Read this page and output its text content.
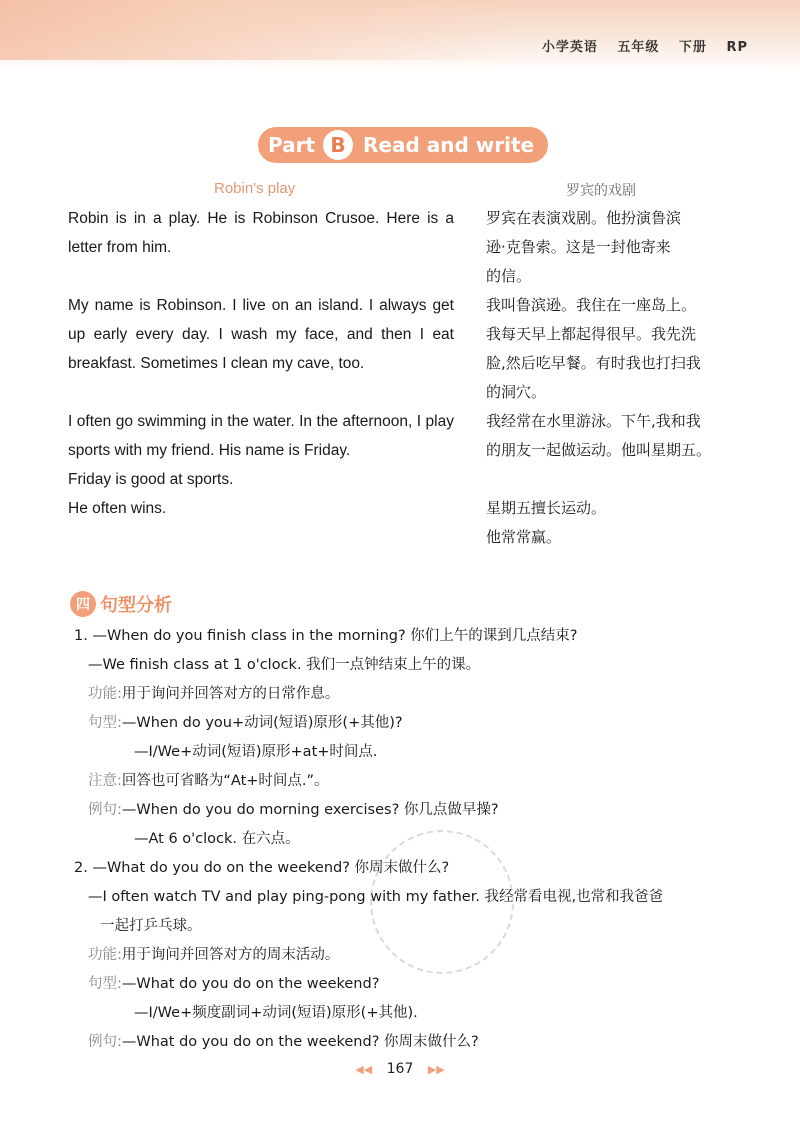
小学英语 五年级 下册 RP
Part B Read and write
Robin's play	罗宾的戏剧

Robin is in a play. He is Robinson Crusoe. Here is a letter from him.

My name is Robinson. I live on an island. I always get up early every day. I wash my face, and then I eat breakfast. Sometimes I clean my cave, too.

I often go swimming in the water. In the afternoon, I play sports with my friend. His name is Friday.

Friday is good at sports.

He often wins.

罗宾在表演戏剧。他扮演鲁滨

逊·克鲁索。这是一封他寄来

的信。

我叫鲁滨逊。我住在一座岛上。

我每天早上都起得很早。我先洗

脸,然后吃早餐。有时我也打扫我

的洞穴。

我经常在水里游泳。下午,我和我

的朋友一起做运动。他叫星期五。

星期五擅长运动。

他常常赢。

四 句型分析
1. —When do you finish class in the morning? 你们上午的课到几点结束?
—We finish class at 1 o'clock. 我们一点钟结束上午的课。
功能:用于询问并回答对方的日常作息。
句型:—When do you+动词(短语)原形(+其他)?
—I/We+动词(短语)原形+at+时间点.
注意:回答也可省略为“At+时间点.”。
例句:—When do you do morning exercises? 你几点做早操?
—At 6 o'clock. 在六点。
2. —What do you do on the weekend? 你周末做什么?
—I often watch TV and play ping-pong with my father. 我经常看电视,也常和我爸爸
一起打乒乓球。
功能:用于询问并回答对方的周末活动。
句型:—What do you do on the weekend?
—I/We+频度副词+动词(短语)原形(+其他).
例句:—What do you do on the weekend? 你周末做什么?
◀◀ 167 ▶▶
